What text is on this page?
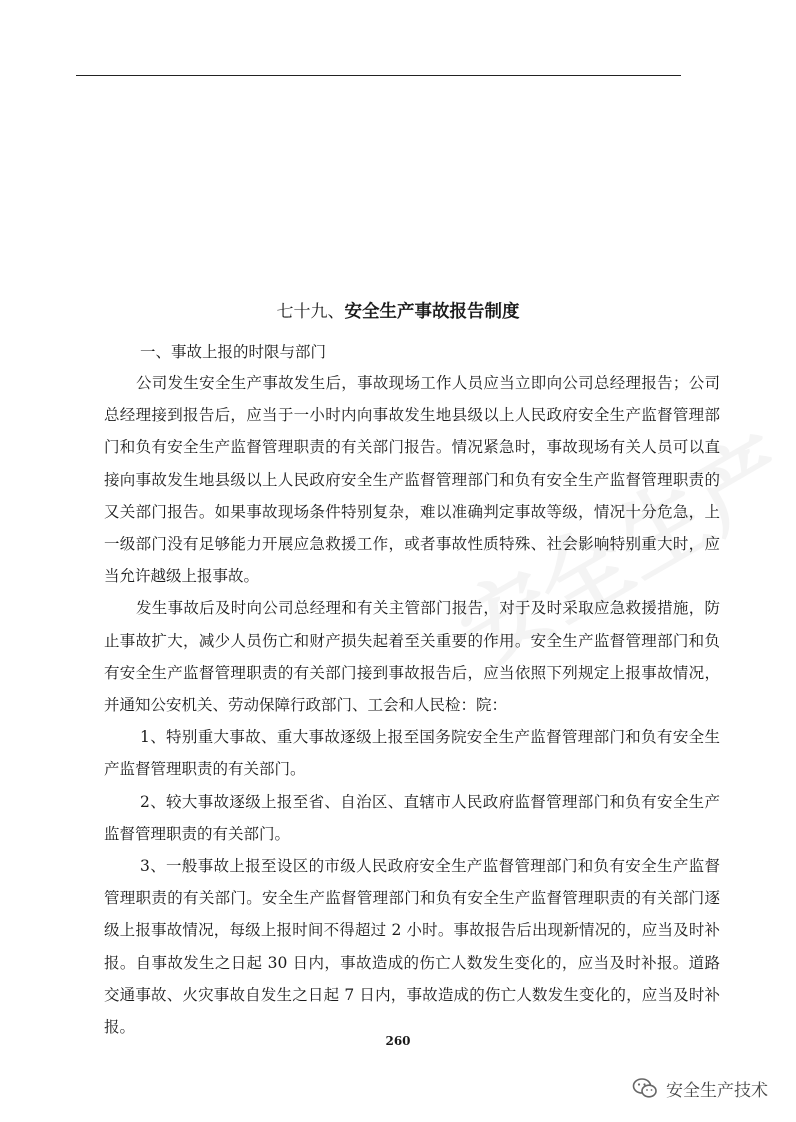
七十九、安全生产事故报告制度
一、事故上报的时限与部门

公司发生安全生产事故发生后，事故现场工作人员应当立即向公司总经理报告；公司总经理接到报告后，应当于一小时内向事故发生地县级以上人民政府安全生产监督管理部门和负有安全生产监督管理职责的有关部门报告。情况紧急时，事故现场有关人员可以直接向事故发生地县级以上人民政府安全生产监督管理部门和负有安全生产监督管理职责的又关部门报告。如果事故现场条件特别复杂，难以准确判定事故等级，情况十分危急，上一级部门没有足够能力开展应急救援工作，或者事故性质特殊、社会影响特别重大时，应当允许越级上报事故。

发生事故后及时向公司总经理和有关主管部门报告，对于及时采取应急救援措施，防止事故扩大，减少人员伤亡和财产损失起着至关重要的作用。安全生产监督管理部门和负有安全生产监督管理职责的有关部门接到事故报告后，应当依照下列规定上报事故情况，并通知公安机关、劳动保障行政部门、工会和人民检：院：

1、特别重大事故、重大事故逐级上报至国务院安全生产监督管理部门和负有安全生产监督管理职责的有关部门。

2、较大事故逐级上报至省、自治区、直辖市人民政府监督管理部门和负有安全生产监督管理职责的有关部门。

3、一般事故上报至设区的市级人民政府安全生产监督管理部门和负有安全生产监督管理职责的有关部门。安全生产监督管理部门和负有安全生产监督管理职责的有关部门逐级上报事故情况，每级上报时间不得超过 2 小时。事故报告后出现新情况的，应当及时补报。自事故发生之日起 30 日内，事故造成的伤亡人数发生变化的，应当及时补报。道路交通事故、火灾事故自发生之日起 7 日内，事故造成的伤亡人数发生变化的，应当及时补报。

260
安全生产技术
